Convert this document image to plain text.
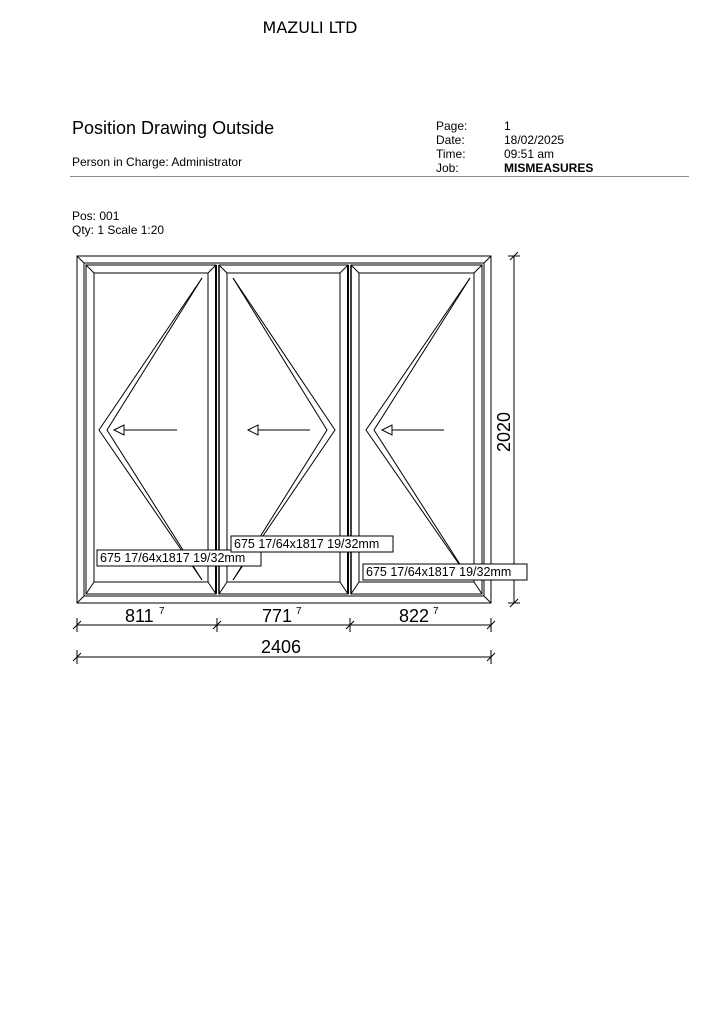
MAZULI LTD
Position Drawing Outside
Person in Charge: Administrator
Page:	1
Date:	18/02/2025
Time:	09:51 am
Job:	MISMEASURES
Pos: 001
Qty: 1 Scale 1:20
675 17/64x1817 19/32mm
675 17/64x1817 19/32mm
675 17/64x1817 19/32mm
811 7	771 7	822 7
2406
2020
